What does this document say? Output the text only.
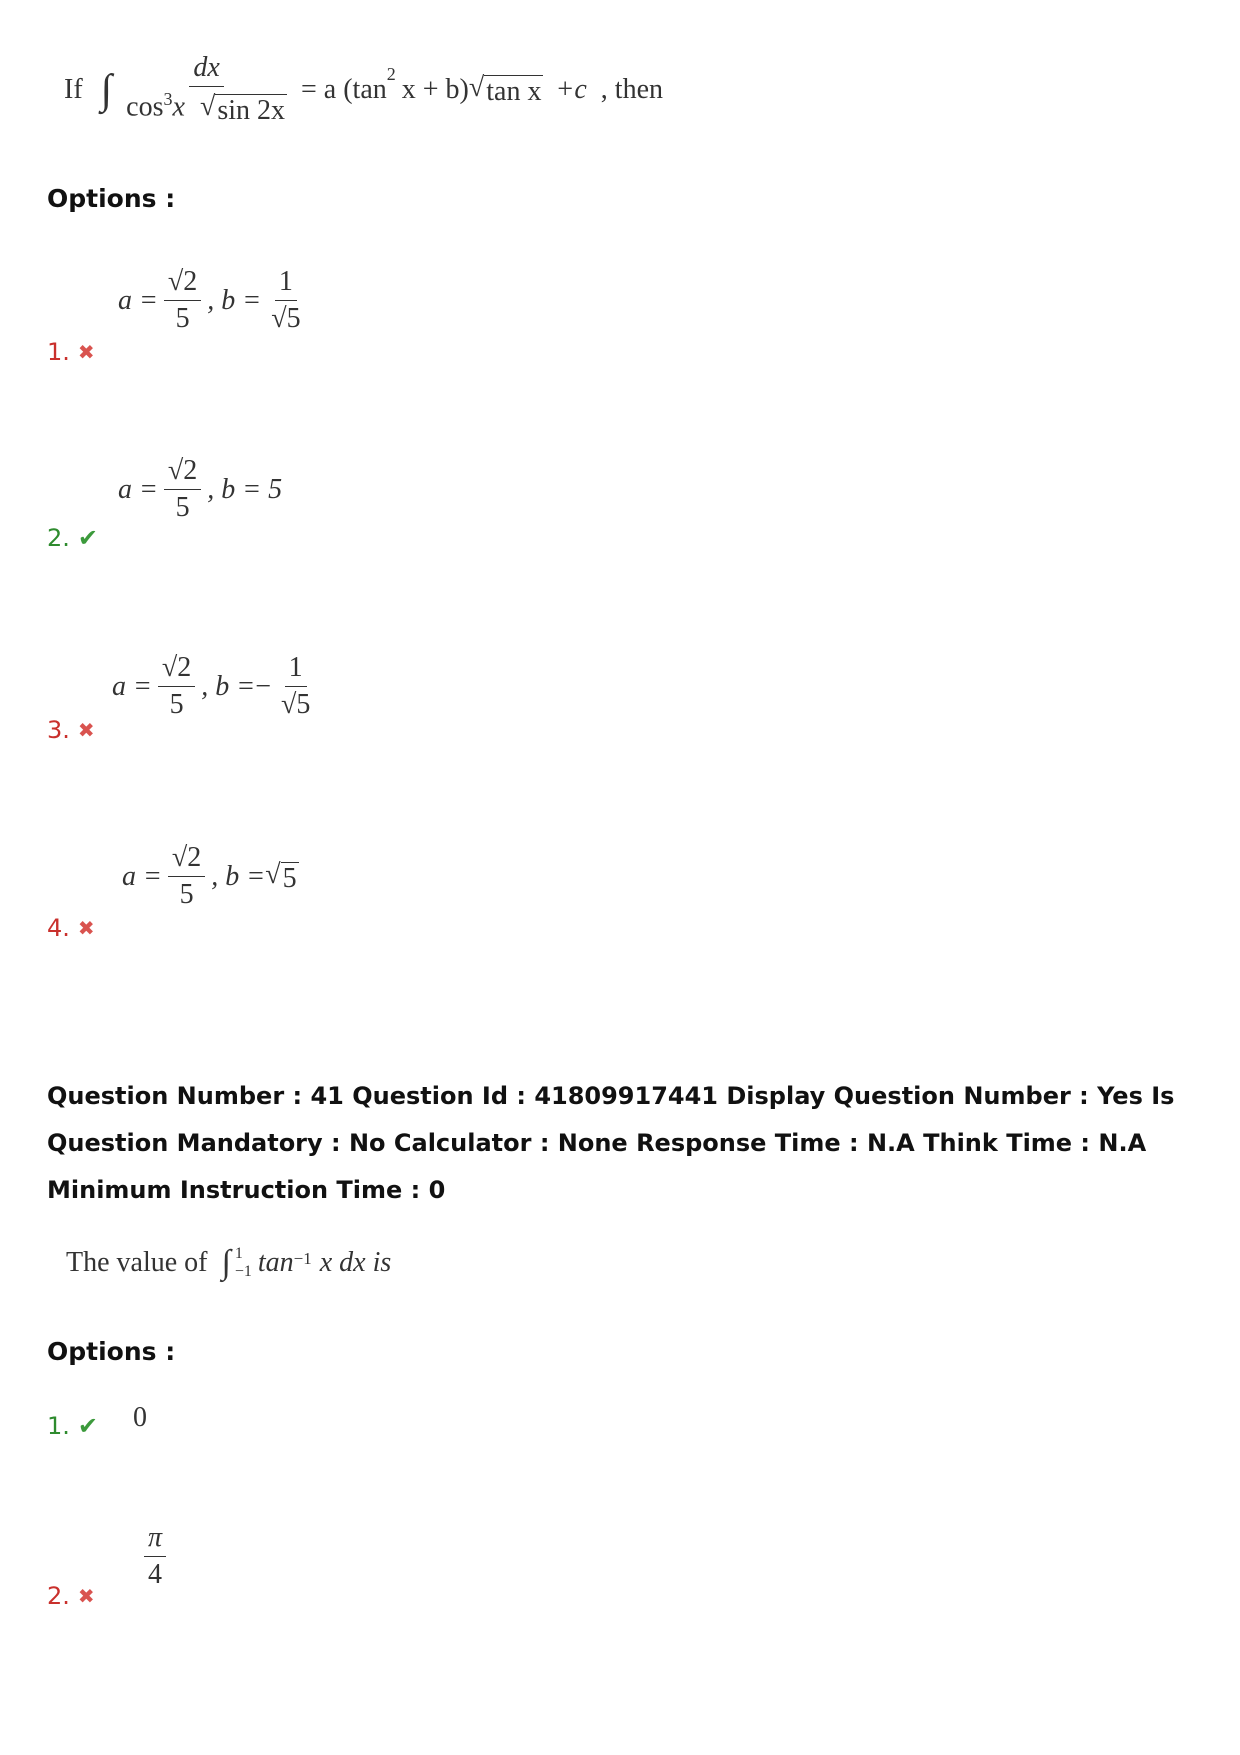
If ∫ $\frac{dx}{\cos^3x √ \sin 2x} = a$ ($\tan^2$ x + b) √ tan x +c , then
Options :
$a = \frac{√2}{5}$ , $b = \frac{1}{√5}$
1. ✖
$a = \frac{√2}{5}$ , b = 5
2. ✔
$a = \frac{√2}{5}$ , b = − $\frac{1}{√5}$
3. ✖
$a = \frac{√2}{5}$ , b = √ 5
4. ✖
Question Number : 41 Question Id : 41809917441 Display Question Number : Yes Is Question Mandatory : No Calculator : None Response Time : N.A Think Time : N.A Minimum Instruction Time : 0
The value of ∫ 1
−1 tan −1 x dx is
Options :
1. ✔ 0
$\frac{\pi}{4}$
2. ✖
